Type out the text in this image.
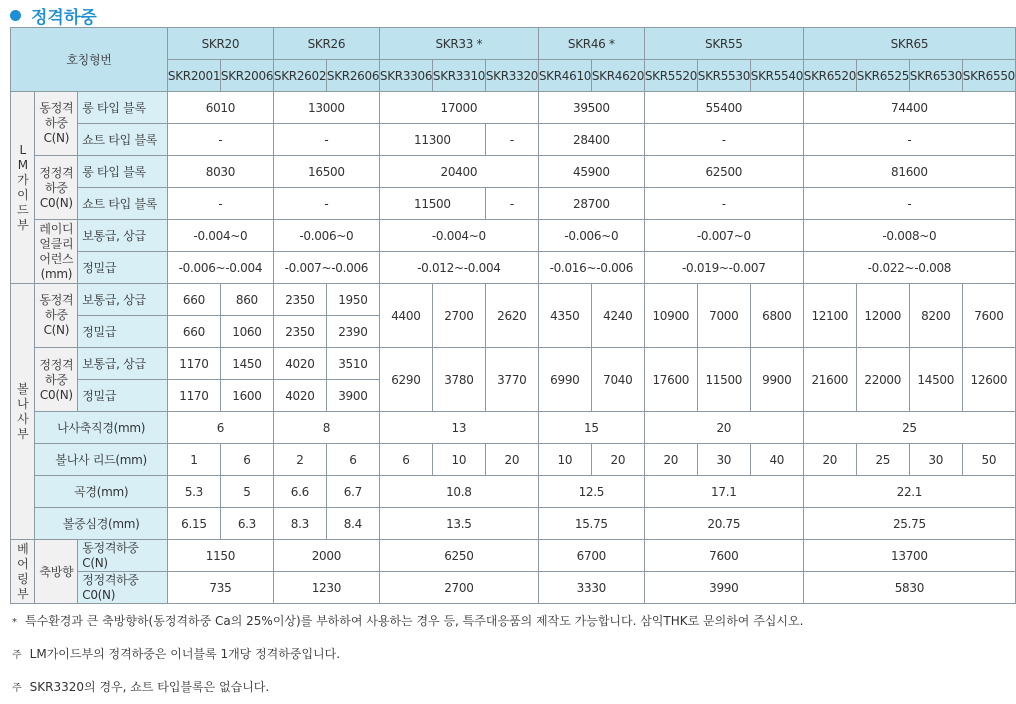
정격하중
호칭형번			SKR20		SKR26		SKR33 *			SKR46 *		SKR55			SKR65			
			SKR2001	SKR2006	SKR2602	SKR2606	SKR3306	SKR3310	SKR3320	SKR4610	SKR4620	SKR5520	SKR5530	SKR5540	SKR6520	SKR6525	SKR6530	SKR6550
LM가이드부	동정격하중 C(N)	롱 타입 블록	6010		13000		17000			39500		55400			74400			
		쇼트 타입 블록	-		-		11300		-	28400		-			-			
	정정격하중
C0(N)	롱 타입 블록	8030		16500		20400			45900		62500			81600			
		쇼트 타입 블록	-		-		11500		-	28700		-			-			
	레이디얼클리어런스 (mm)	보통급, 상급	-0.004~0		-0.006~0		-0.004~0			-0.006~0		-0.007~0			-0.008~0			
		정밀급	-0.006~-0.004		-0.007~-0.006		-0.012~-0.004			-0.016~-0.006		-0.019~-0.007			-0.022~-0.008			
볼나사부	동정격하중 C(N)	보통급, 상급	660	860	2350	1950	4400	2700	2620	4350	4240	10900	7000	6800	12100	12000	8200	7600
		정밀급	660	1060	2350	2390												
	정정격하중
C0(N)	보통급, 상급	1170	1450	4020	3510	6290	3780	3770	6990	7040	17600	11500	9900	21600	22000	14500	12600
		정밀급	1170	1600	4020	3900												
	나사축직경(mm)		6		8		13			15		20			25			
	볼나사 리드(mm)		1	6	2	6	6	10	20	10	20	20	30	40	20	25	30	50
	곡경(mm)		5.3	5	6.6	6.7	10.8			12.5		17.1			22.1			
	볼중심경(mm)		6.15	6.3	8.3	8.4	13.5			15.75		20.75			25.75			
베어링부	축방향	동정격하중 C(N)	1150		2000		6250			6700		7600			13700			
		정정격하중
C0(N)	735		1230		2700			3330		3990			5830			
* 특수환경과 큰 축방향하(동정격하중 Ca의 25%이상)를 부하하여 사용하는 경우 등, 특주대응품의 제작도 가능합니다. 삼익THK로 문의하여 주십시오.
주 LM가이드부의 정격하중은 이너블록 1개당 정격하중입니다.
주 SKR3320의 경우, 쇼트 타입블록은 없습니다.
